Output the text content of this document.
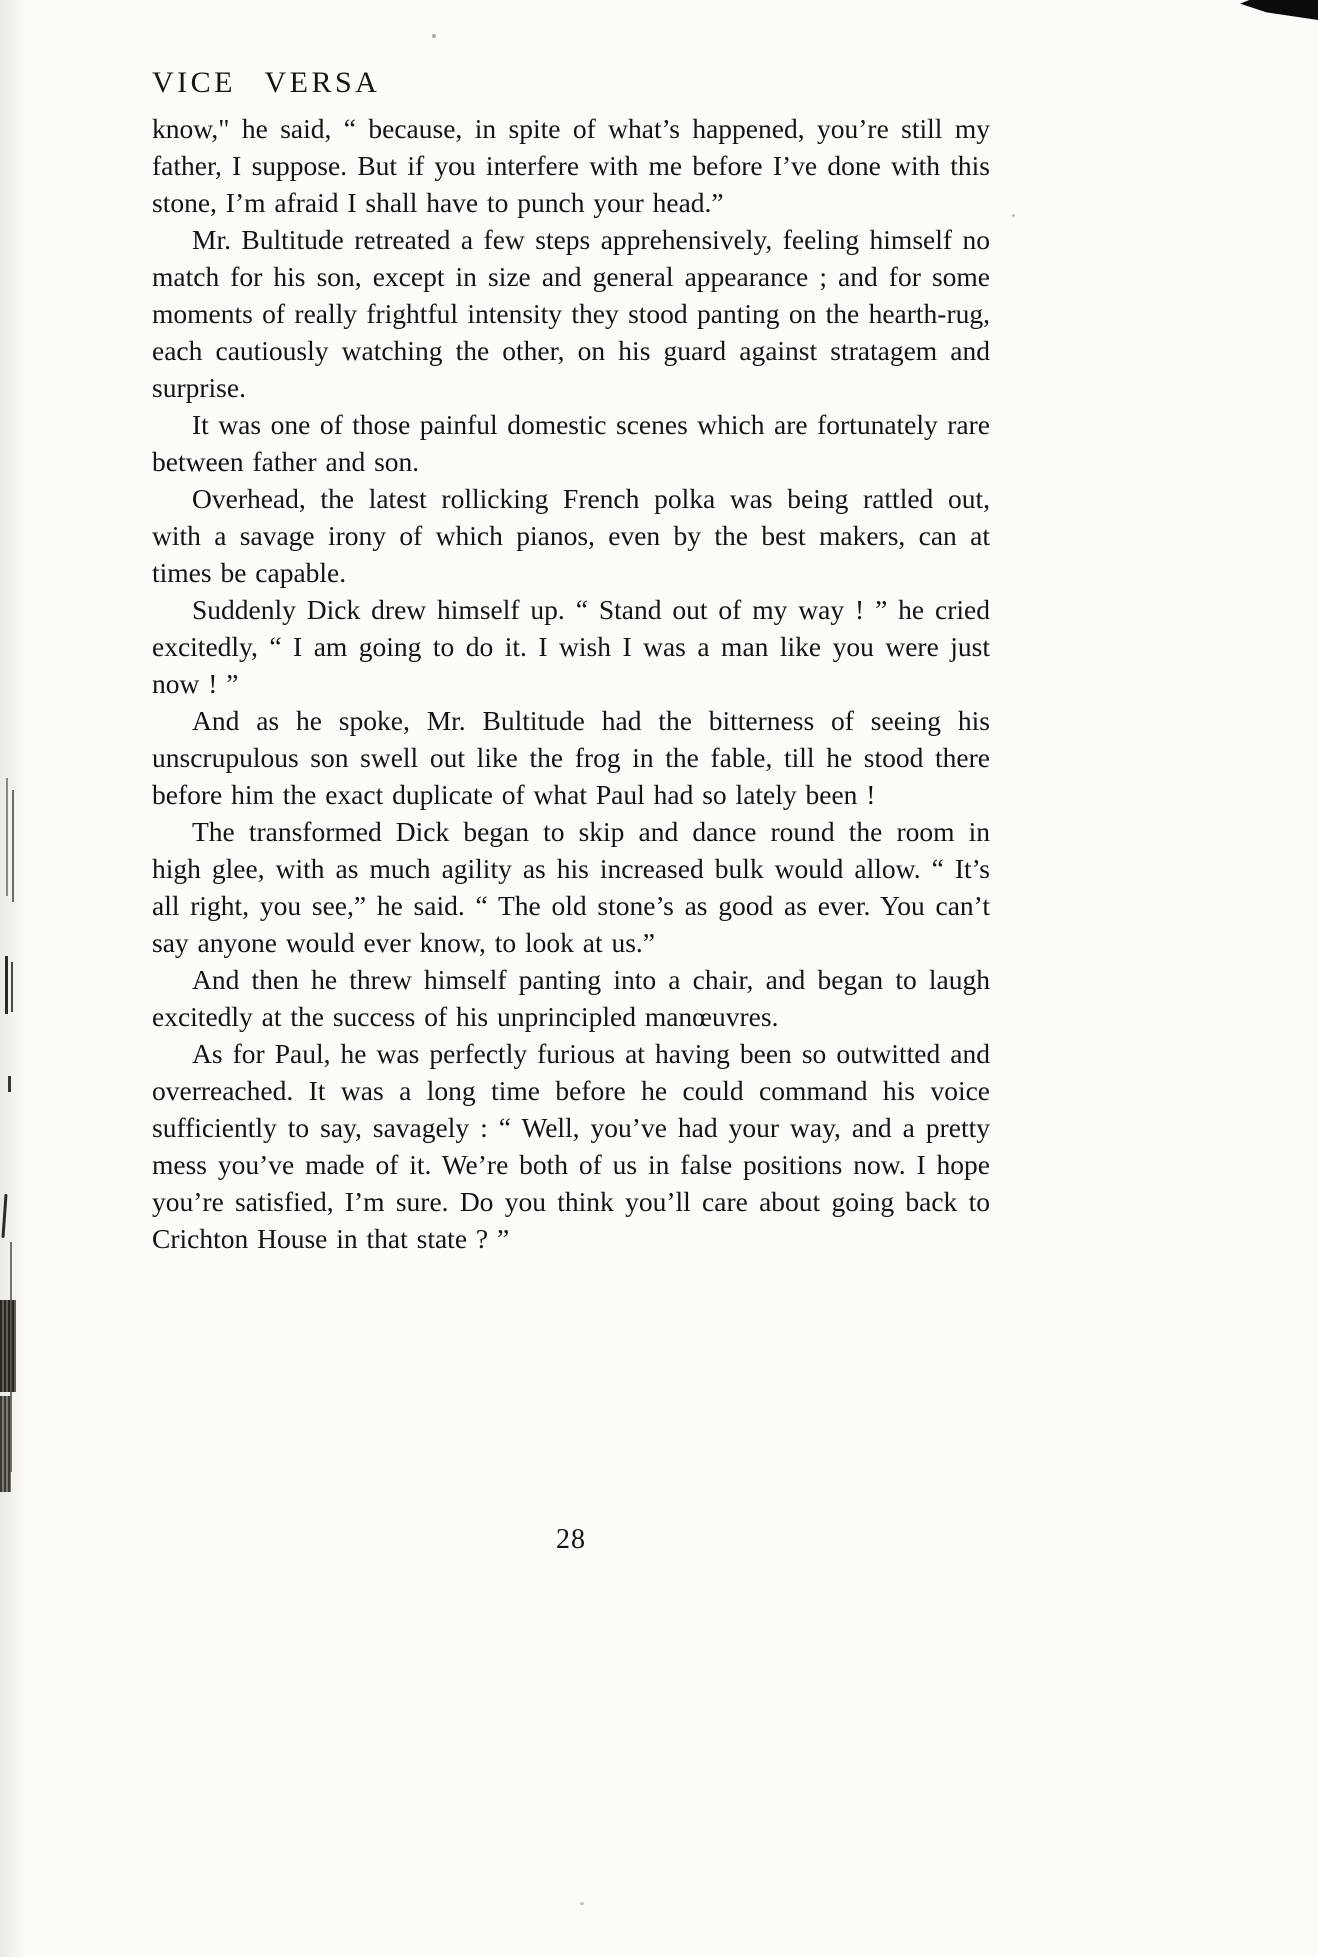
VICE VERSA

know," he said, “ because, in spite of what’s happened, you’re still my father, I suppose. But if you interfere with me before I’ve done with this stone, I’m afraid I shall have to punch your head.”

Mr. Bultitude retreated a few steps apprehensively, feeling himself no match for his son, except in size and general appearance ; and for some moments of really frightful intensity they stood panting on the hearth-rug, each cautiously watching the other, on his guard against stratagem and surprise.

It was one of those painful domestic scenes which are fortunately rare between father and son.

Overhead, the latest rollicking French polka was being rattled out, with a savage irony of which pianos, even by the best makers, can at times be capable.

Suddenly Dick drew himself up. “ Stand out of my way ! ” he cried excitedly, “ I am going to do it. I wish I was a man like you were just now ! ”

And as he spoke, Mr. Bultitude had the bitterness of seeing his unscrupulous son swell out like the frog in the fable, till he stood there before him the exact duplicate of what Paul had so lately been !

The transformed Dick began to skip and dance round the room in high glee, with as much agility as his increased bulk would allow. “ It’s all right, you see,” he said. “ The old stone’s as good as ever. You can’t say anyone would ever know, to look at us.”

And then he threw himself panting into a chair, and began to laugh excitedly at the success of his unprincipled manœuvres.

As for Paul, he was perfectly furious at having been so outwitted and overreached. It was a long time before he could command his voice sufficiently to say, savagely : “ Well, you’ve had your way, and a pretty mess you’ve made of it. We’re both of us in false positions now. I hope you’re satisfied, I’m sure. Do you think you’ll care about going back to Crichton House in that state ? ”

28
